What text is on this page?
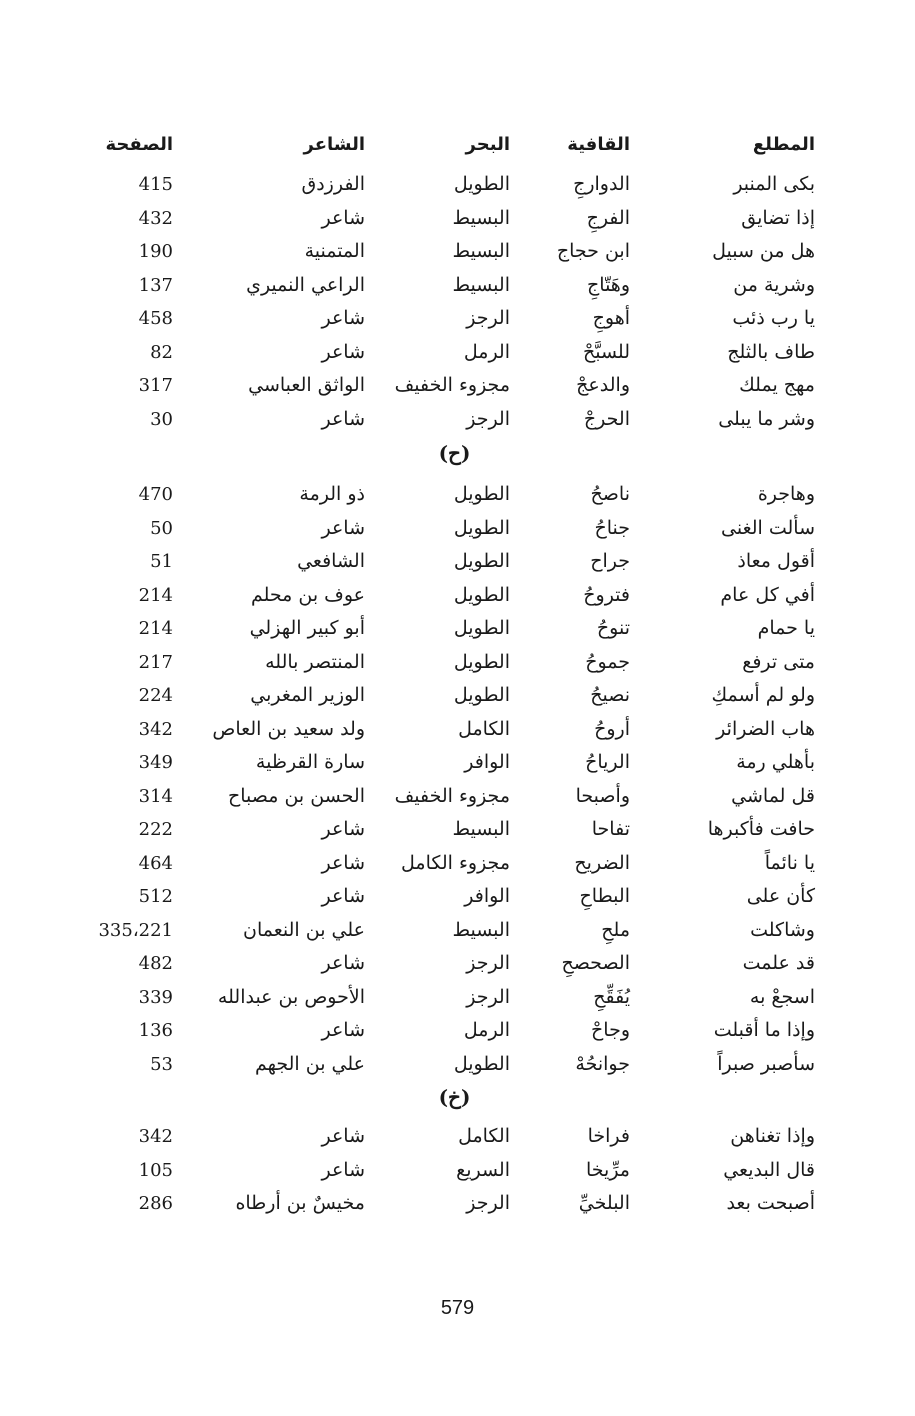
المطلع
القافية
البحر
الشاعر
الصفحة
بكى المنبر
الدوارجِ
الطويل
الفرزدق
415
إذا تضايق
الفرجِ
البسيط
شاعر
432
هل من سبيل
ابن حجاج
البسيط
المتمنية
190
وشرية من
وهَتّاجِ
البسيط
الراعي النميري
137
يا رب ذئب
أهوجِ
الرجز
شاعر
458
طاف بالثلج
للسبَّحْ
الرمل
شاعر
82
مهج يملك
والدعجْ
مجزوء الخفيف
الواثق العباسي
317
وشر ما يبلى
الحرجْ
الرجز
شاعر
30
(ح)
وهاجرة
ناصحُ
الطويل
ذو الرمة
470
سألت الغنى
جناحُ
الطويل
شاعر
50
أقول معاذ
جراح
الطويل
الشافعي
51
أفي كل عام
فتروحُ
الطويل
عوف بن محلم
214
يا حمام
تنوحُ
الطويل
أبو كبير الهزلي
214
متى ترفع
جموحُ
الطويل
المنتصر بالله
217
ولو لم أسمكِ
نصيحُ
الطويل
الوزير المغربي
224
هاب الضرائر
أروحُ
الكامل
ولد سعيد بن العاص
342
بأهلي رمة
الرياحُ
الوافر
سارة القرظية
349
قل لماشي
وأصبحا
مجزوء الخفيف
الحسن بن مصباح
314
حافت فأكبرها
تفاحا
البسيط
شاعر
222
يا نائماً
الضريح
مجزوء الكامل
شاعر
464
كأن على
البطاحِ
الوافر
شاعر
512
وشاكلت
ملحِ
البسيط
علي بن النعمان
335،221
قد علمت
الصحصحِ
الرجز
شاعر
482
اسجعْ به
يُفَقِّحِ
الرجز
الأحوص بن عبدالله
339
وإذا ما أقبلت
وجاحْ
الرمل
شاعر
136
سأصبر صبراً
جوانحُهْ
الطويل
علي بن الجهم
53
(خ)
وإذا تغناهن
فراخا
الكامل
شاعر
342
قال البديعي
مرِّيخا
السريع
شاعر
105
أصبحت بعد
البلخيِّ
الرجز
مخيسٌ بن أرطاه
286
579
